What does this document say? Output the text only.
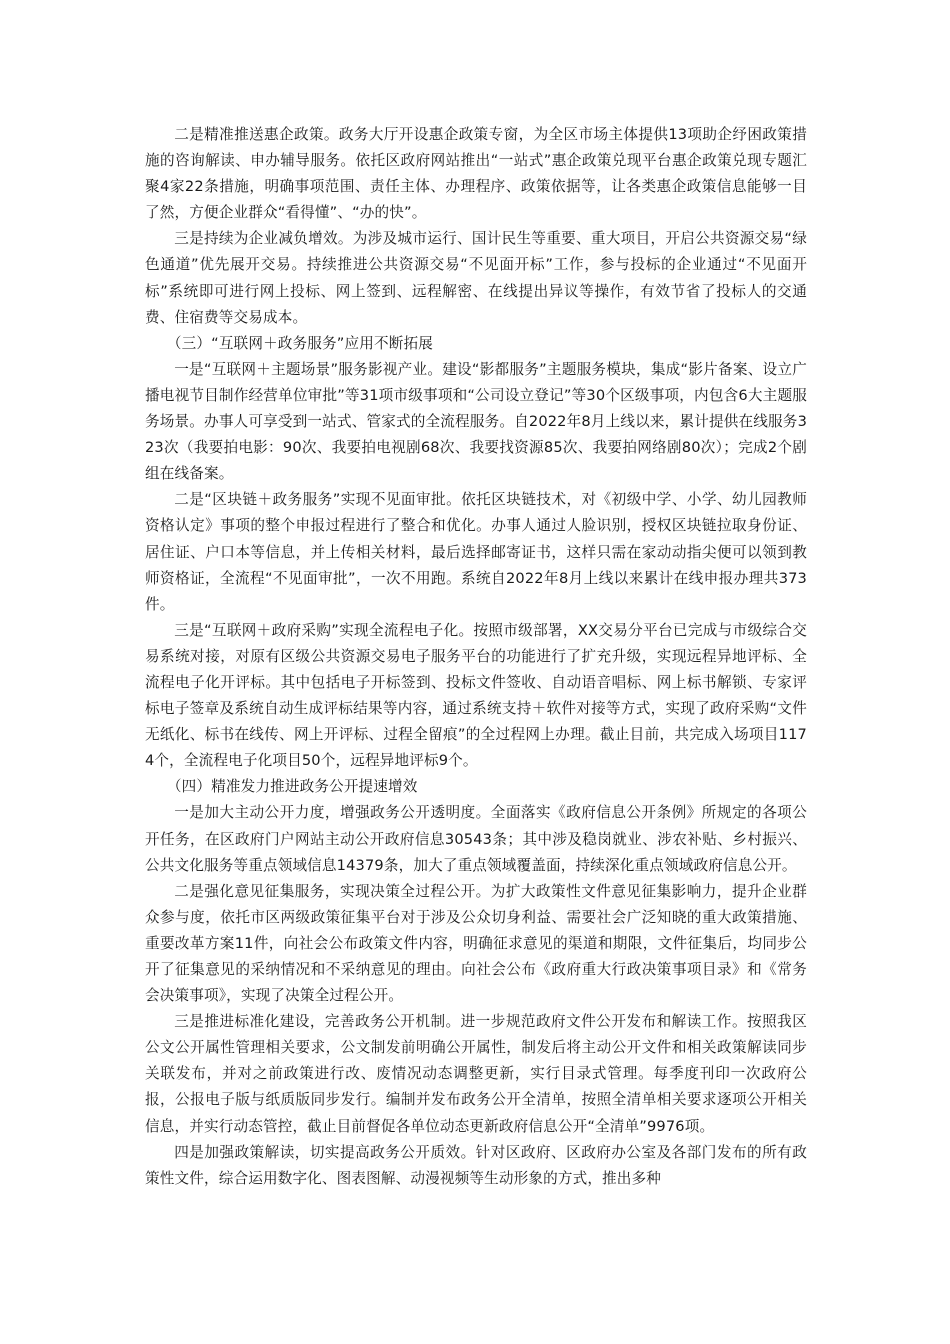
二是精准推送惠企政策。政务大厅开设惠企政策专窗，为全区市场主体提供13项助企纾困政策措施的咨询解读、申办辅导服务。依托区政府网站推出“一站式”惠企政策兑现平台惠企政策兑现专题汇聚4家22条措施，明确事项范围、责任主体、办理程序、政策依据等，让各类惠企政策信息能够一目了然，方便企业群众“看得懂”、“办的快”。

三是持续为企业减负增效。为涉及城市运行、国计民生等重要、重大项目，开启公共资源交易“绿色通道”优先展开交易。持续推进公共资源交易“不见面开标”工作，参与投标的企业通过“不见面开标”系统即可进行网上投标、网上签到、远程解密、在线提出异议等操作，有效节省了投标人的交通费、住宿费等交易成本。

（三）“互联网＋政务服务”应用不断拓展

一是“互联网＋主题场景”服务影视产业。建设“影都服务”主题服务模块，集成“影片备案、设立广播电视节目制作经营单位审批”等31项市级事项和“公司设立登记”等30个区级事项，内包含6大主题服务场景。办事人可享受到一站式、管家式的全流程服务。自2022年8月上线以来，累计提供在线服务323次（我要拍电影：90次、我要拍电视剧68次、我要找资源85次、我要拍网络剧80次）；完成2个剧组在线备案。

二是“区块链＋政务服务”实现不见面审批。依托区块链技术，对《初级中学、小学、幼儿园教师资格认定》事项的整个申报过程进行了整合和优化。办事人通过人脸识别，授权区块链拉取身份证、居住证、户口本等信息，并上传相关材料，最后选择邮寄证书，这样只需在家动动指尖便可以领到教师资格证，全流程“不见面审批”，一次不用跑。系统自2022年8月上线以来累计在线申报办理共373件。

三是“互联网＋政府采购”实现全流程电子化。按照市级部署，XX交易分平台已完成与市级综合交易系统对接，对原有区级公共资源交易电子服务平台的功能进行了扩充升级，实现远程异地评标、全流程电子化开评标。其中包括电子开标签到、投标文件签收、自动语音唱标、网上标书解锁、专家评标电子签章及系统自动生成评标结果等内容，通过系统支持＋软件对接等方式，实现了政府采购“文件无纸化、标书在线传、网上开评标、过程全留痕”的全过程网上办理。截止目前，共完成入场项目1174个，全流程电子化项目50个，远程异地评标9个。

（四）精准发力推进政务公开提速增效

一是加大主动公开力度，增强政务公开透明度。全面落实《政府信息公开条例》所规定的各项公开任务，在区政府门户网站主动公开政府信息30543条；其中涉及稳岗就业、涉农补贴、乡村振兴、公共文化服务等重点领域信息14379条，加大了重点领域覆盖面，持续深化重点领域政府信息公开。

二是强化意见征集服务，实现决策全过程公开。为扩大政策性文件意见征集影响力，提升企业群众参与度，依托市区两级政策征集平台对于涉及公众切身利益、需要社会广泛知晓的重大政策措施、重要改革方案11件，向社会公布政策文件内容，明确征求意见的渠道和期限，文件征集后，均同步公开了征集意见的采纳情况和不采纳意见的理由。向社会公布《政府重大行政决策事项目录》和《常务会决策事项》，实现了决策全过程公开。

三是推进标准化建设，完善政务公开机制。进一步规范政府文件公开发布和解读工作。按照我区公文公开属性管理相关要求，公文制发前明确公开属性，制发后将主动公开文件和相关政策解读同步关联发布，并对之前政策进行改、废情况动态调整更新，实行目录式管理。每季度刊印一次政府公报，公报电子版与纸质版同步发行。编制并发布政务公开全清单，按照全清单相关要求逐项公开相关信息，并实行动态管控，截止目前督促各单位动态更新政府信息公开“全清单”9976项。

四是加强政策解读，切实提高政务公开质效。针对区政府、区政府办公室及各部门发布的所有政策性文件，综合运用数字化、图表图解、动漫视频等生动形象的方式，推出多种
